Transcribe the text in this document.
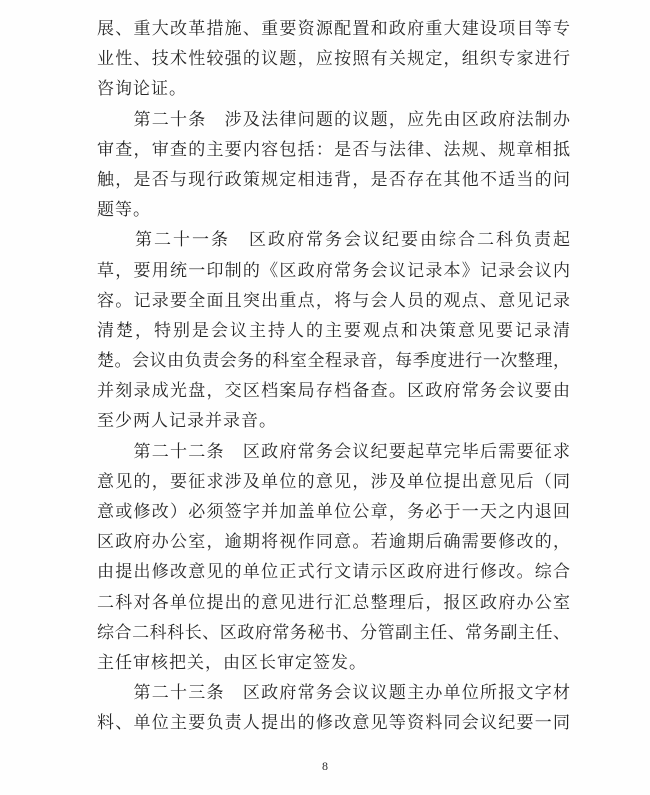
展、重大改革措施、重要资源配置和政府重大建设项目等专
业性、技术性较强的议题，应按照有关规定，组织专家进行
咨询论证。
　　第二十条　涉及法律问题的议题，应先由区政府法制办
审查，审查的主要内容包括：是否与法律、法规、规章相抵
触，是否与现行政策规定相违背，是否存在其他不适当的问
题等。
　　第二十一条　区政府常务会议纪要由综合二科负责起
草，要用统一印制的《区政府常务会议记录本》记录会议内
容。记录要全面且突出重点，将与会人员的观点、意见记录
清楚，特别是会议主持人的主要观点和决策意见要记录清
楚。会议由负责会务的科室全程录音，每季度进行一次整理，
并刻录成光盘，交区档案局存档备查。区政府常务会议要由
至少两人记录并录音。
　　第二十二条　区政府常务会议纪要起草完毕后需要征求
意见的，要征求涉及单位的意见，涉及单位提出意见后（同
意或修改）必须签字并加盖单位公章，务必于一天之内退回
区政府办公室，逾期将视作同意。若逾期后确需要修改的，
由提出修改意见的单位正式行文请示区政府进行修改。综合
二科对各单位提出的意见进行汇总整理后，报区政府办公室
综合二科科长、区政府常务秘书、分管副主任、常务副主任、
主任审核把关，由区长审定签发。
　　第二十三条　区政府常务会议议题主办单位所报文字材
料、单位主要负责人提出的修改意见等资料同会议纪要一同
8
